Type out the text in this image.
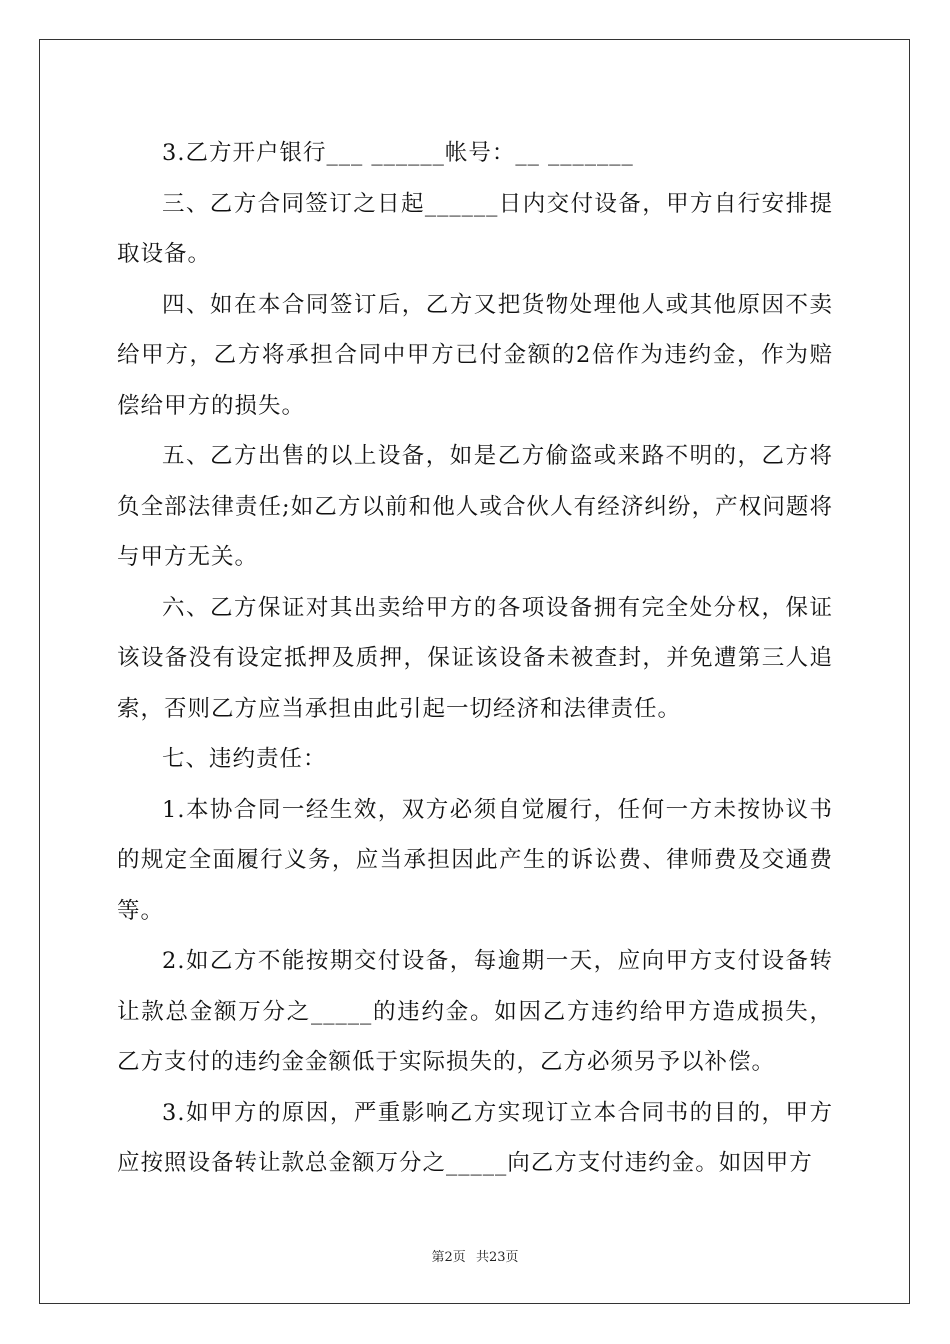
3.乙方开户银行___ ______帐号：__ _______

三、乙方合同签订之日起______日内交付设备，甲方自行安排提取设备。

四、如在本合同签订后，乙方又把货物处理他人或其他原因不卖给甲方，乙方将承担合同中甲方已付金额的2倍作为违约金，作为赔偿给甲方的损失。

五、乙方出售的以上设备，如是乙方偷盗或来路不明的，乙方将负全部法律责任;如乙方以前和他人或合伙人有经济纠纷，产权问题将与甲方无关。

六、乙方保证对其出卖给甲方的各项设备拥有完全处分权，保证该设备没有设定抵押及质押，保证该设备未被查封，并免遭第三人追索，否则乙方应当承担由此引起一切经济和法律责任。

七、违约责任：

1.本协合同一经生效，双方必须自觉履行，任何一方未按协议书的规定全面履行义务，应当承担因此产生的诉讼费、律师费及交通费等。

2.如乙方不能按期交付设备，每逾期一天，应向甲方支付设备转让款总金额万分之_____的违约金。如因乙方违约给甲方造成损失，乙方支付的违约金金额低于实际损失的，乙方必须另予以补偿。

3.如甲方的原因，严重影响乙方实现订立本合同书的目的，甲方应按照设备转让款总金额万分之_____向乙方支付违约金。如因甲方

第2页 共23页
